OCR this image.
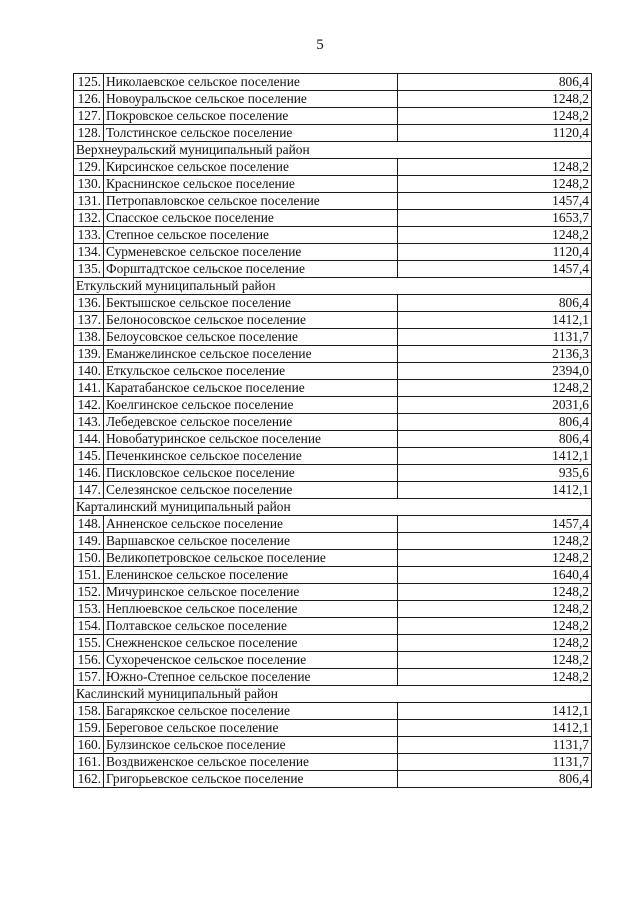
5
125.	Николаевское сельское поселение	806,4
126.	Новоуральское сельское поселение	1248,2
127.	Покровское сельское поселение	1248,2
128.	Толстинское сельское поселение	1120,4
Верхнеуральский муниципальный район		
129.	Кирсинское сельское поселение	1248,2
130.	Краснинское сельское поселение	1248,2
131.	Петропавловское сельское поселение	1457,4
132.	Спасское сельское поселение	1653,7
133.	Степное сельское поселение	1248,2
134.	Сурменевское сельское поселение	1120,4
135.	Форштадтское сельское поселение	1457,4
Еткульский муниципальный район		
136.	Бектышское сельское поселение	806,4
137.	Белоносовское сельское поселение	1412,1
138.	Белоусовское сельское поселение	1131,7
139.	Еманжелинское сельское поселение	2136,3
140.	Еткульское сельское поселение	2394,0
141.	Каратабанское сельское поселение	1248,2
142.	Коелгинское сельское поселение	2031,6
143.	Лебедевское сельское поселение	806,4
144.	Новобатуринское сельское поселение	806,4
145.	Печенкинское сельское поселение	1412,1
146.	Пискловское сельское поселение	935,6
147.	Селезянское сельское поселение	1412,1
Карталинский муниципальный район		
148.	Анненское сельское поселение	1457,4
149.	Варшавское сельское поселение	1248,2
150.	Великопетровское сельское поселение	1248,2
151.	Еленинское сельское поселение	1640,4
152.	Мичуринское сельское поселение	1248,2
153.	Неплюевское сельское поселение	1248,2
154.	Полтавское сельское поселение	1248,2
155.	Снежненское сельское поселение	1248,2
156.	Сухореченское сельское поселение	1248,2
157.	Южно-Степное сельское поселение	1248,2
Каслинский муниципальный район		
158.	Багарякское сельское поселение	1412,1
159.	Береговое сельское поселение	1412,1
160.	Булзинское сельское поселение	1131,7
161.	Воздвиженское сельское поселение	1131,7
162.	Григорьевское сельское поселение	806,4
